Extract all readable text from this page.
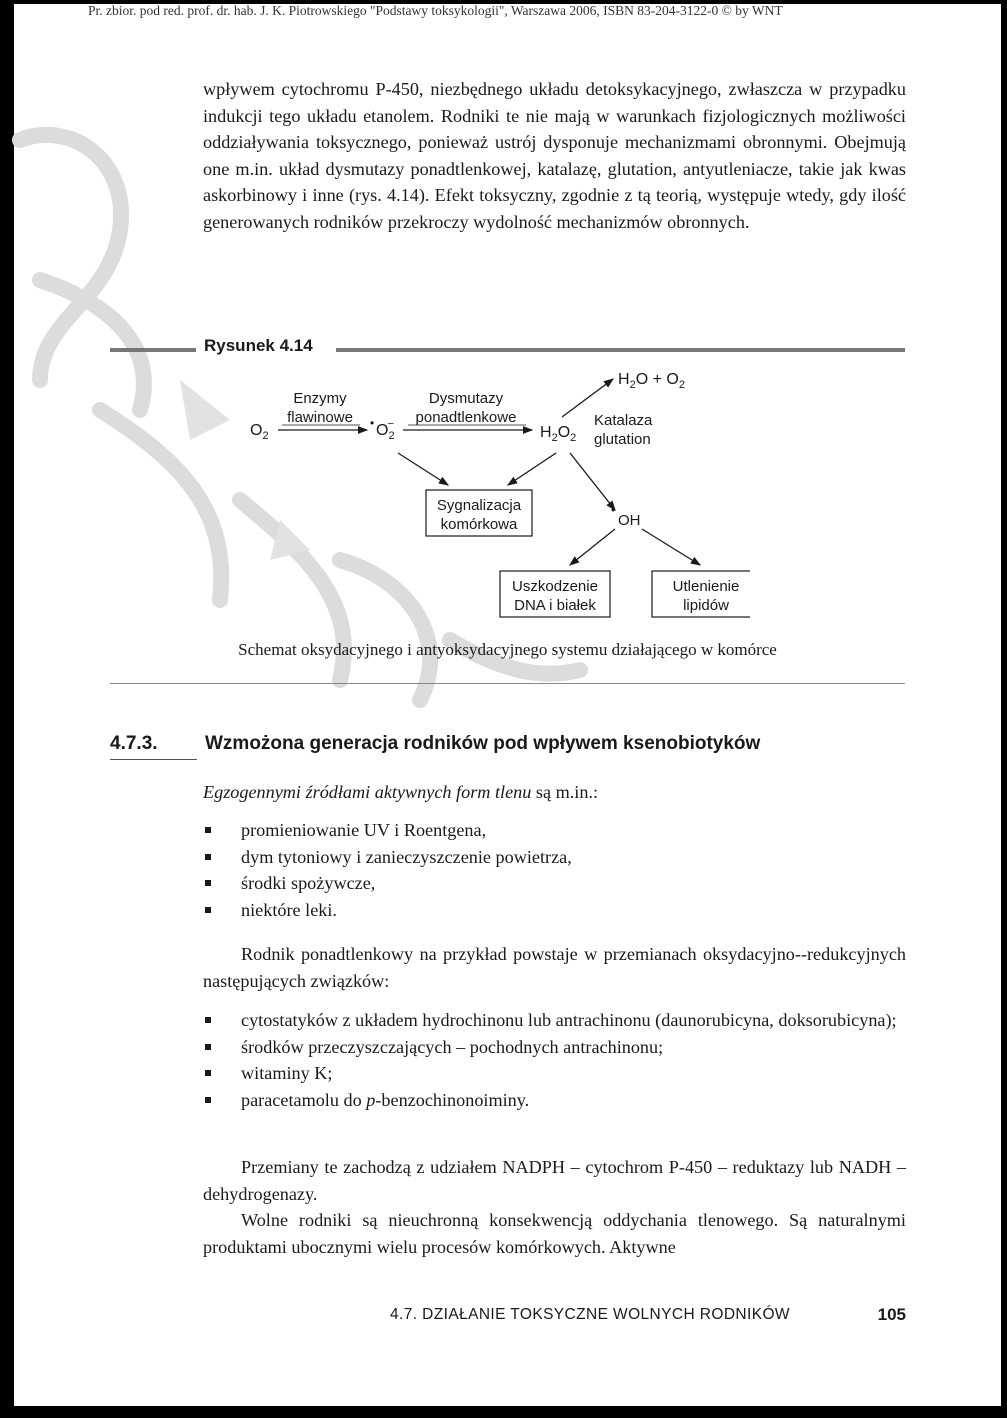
Pr. zbior. pod red. prof. dr. hab. J. K. Piotrowskiego "Podstawy toksykologii", Warszawa 2006, ISBN 83-204-3122-0 © by WNT

wpływem cytochromu P-450, niezbędnego układu detoksykacyjnego, zwłaszcza w przypadku indukcji tego układu etanolem. Rodniki te nie mają w warunkach fizjologicznych możliwości oddziaływania toksycznego, ponieważ ustrój dysponuje mechanizmami obronnymi. Obejmują one m.in. układ dysmutazy ponadtlenkowej, katalazę, glutation, antyutleniacze, takie jak kwas askorbinowy i inne (rys. 4.14). Efekt toksyczny, zgodnie z tą teorią, występuje wtedy, gdy ilość generowanych rodników przekroczy wydolność mechanizmów obronnych.

Rysunek 4.14
$O_2$
• $O_2-$	$H_2O_2$
$H_2O + O_2$
•
OH
Enzymy
flawinowe
Dysmutazy
ponadtlenkowe	Katalaza
glutation
Sygnalizacja
komórkowa
Uszkodzenie
DNA i białek
Utlenienie
lipidów
Schemat oksydacyjnego i antyoksydacyjnego systemu działającego w komórce
4.7.3. Wzmożona generacja rodników pod wpływem ksenobiotyków

Egzogennymi źródłami aktywnych form tlenu są m.in.:

promieniowanie UV i Roentgena,
dym tytoniowy i zanieczyszczenie powietrza,
środki spożywcze,
niektóre leki.

Rodnik ponadtlenkowy na przykład powstaje w przemianach oksydacyjno--redukcyjnych następujących związków:

cytostatyków z układem hydrochinonu lub antrachinonu (daunorubicyna, doksorubicyna);
środków przeczyszczających – pochodnych antrachinonu;
witaminy K;
paracetamolu do p-benzochinonoiminy.

Przemiany te zachodzą z udziałem NADPH – cytochrom P-450 – reduktazy lub NADH – dehydrogenazy.

Wolne rodniki są nieuchronną konsekwencją oddychania tlenowego. Są naturalnymi produktami ubocznymi wielu procesów komórkowych. Aktywne

4.7. DZIAŁANIE TOKSYCZNE WOLNYCH RODNIKÓW	105
